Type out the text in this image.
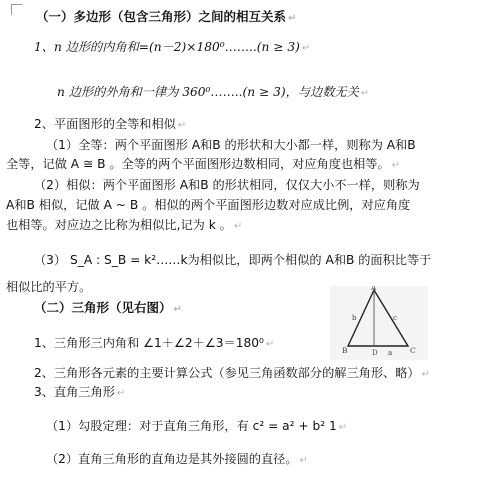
（一）多边形（包含三角形）之间的相互关系 ↵
1、n 边形的内角和=(n－2)×180⁰……..(n ≥ 3) ↵
n 边形的外角和一律为 360⁰……..(n ≥ 3)，与边数无关 ↵
2、平面图形的全等和相似 ↵
（1）全等：两个平面图形 A和B 的形状和大小都一样，则称为 A和B
全等，记做 A ≅ B 。全等的两个平面图形边数相同，对应角度也相等。 ↵
（2）相似：两个平面图形 A和B 的形状相同，仅仅大小不一样，则称为
A和B 相似，记做 A ~ B 。相似的两个平面图形边数对应成比例，对应角度
也相等。对应边之比称为相似比,记为 k 。 ↵
（3） S_A : S_B = k²……k为相似比，即两个相似的 A和B 的面积比等于
相似比的平方。
（二）三角形（见右图） ↵
A
B	C
D a
b	c
1、三角形三内角和 ∠1＋∠2＋∠3＝180⁰ ↵
2、三角形各元素的主要计算公式（参见三角函数部分的解三角形、略） ↵
3、直角三角形 ↵
（1）勾股定理：对于直角三角形，有 c² = a² + b² 1 ↵
（2）直角三角形的直角边是其外接圆的直径。 ↵
